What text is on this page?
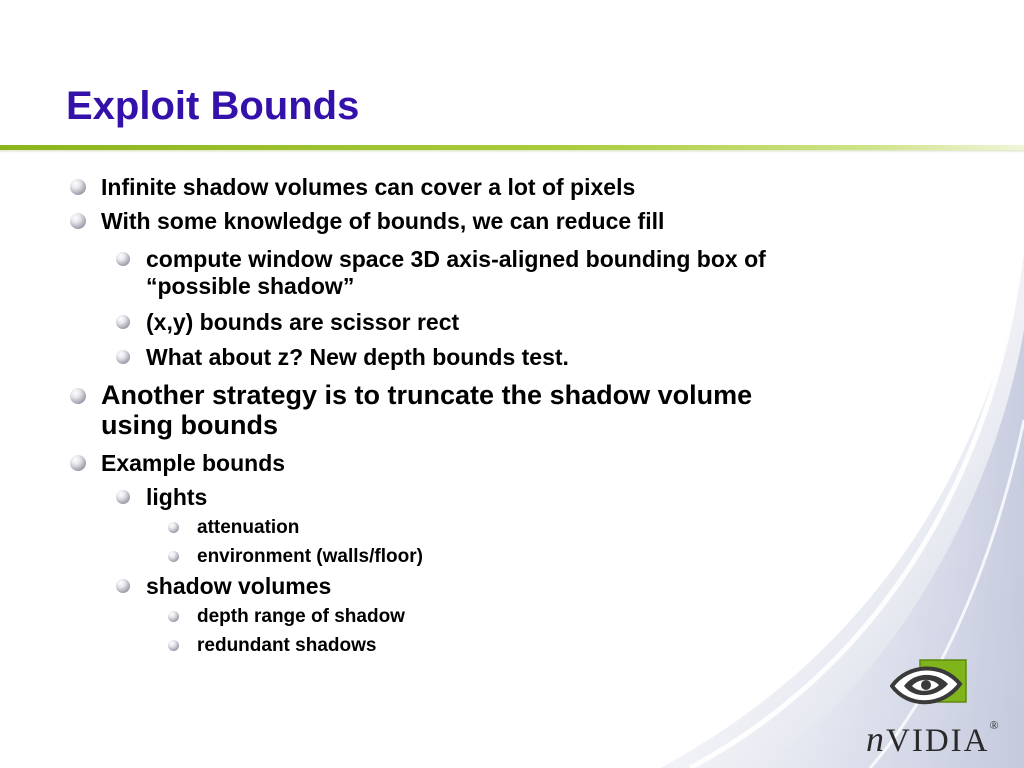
Exploit Bounds
Infinite shadow volumes can cover a lot of pixels
With some knowledge of bounds, we can reduce fill
compute window space 3D axis-aligned bounding box of
“possible shadow”
(x,y) bounds are scissor rect
What about z? New depth bounds test.
Another strategy is to truncate the shadow volume
using bounds
Example bounds
lights
attenuation
environment (walls/floor)
shadow volumes
depth range of shadow
redundant shadows
nVIDIA®
